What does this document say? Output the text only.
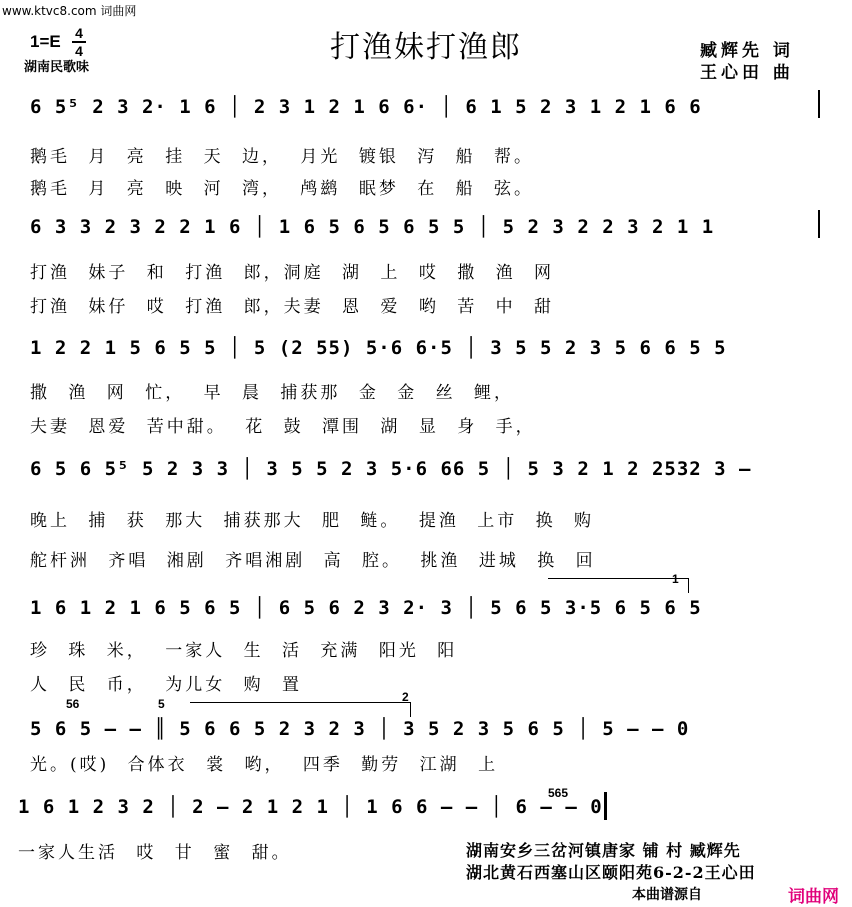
www.ktvc8.com 词曲网
1=E 4
4
湖南民歌味
打渔妹打渔郎	臧辉先 词
王心田 曲
6 5⁵ 2 3 2· 1 6 │ 2 3 1 2 1 6 6· │ 6 1 5 2 3 1 2 1 6 6
鹅毛 月 亮 挂 天 边， 月光 镀银 泻 船 帮。
鹅毛 月 亮 映 河 湾， 鸬鹚 眠梦 在 船 弦。
6 3 3 2 3 2 2 1 6 │ 1 6 5 6 5 6 5 5 │ 5 2 3 2 2 3 2 1 1
打渔 妹子 和 打渔 郎，洞庭 湖 上 哎 撒 渔 网
打渔 妹仔 哎 打渔 郎，夫妻 恩 爱 哟 苦 中 甜
1 2 2 1 5 6 5 5 │ 5 (2 55) 5·6 6·5 │ 3 5 5 2 3 5 6 6 5 5
撒 渔 网 忙， 早 晨 捕获那 金 金 丝 鲤，
夫妻 恩爱 苦中甜。 花 鼓 潭围 湖 显 身 手，
6 5 6 5⁵ 5 2 3 3 │ 3 5 5 2 3 5·6 66 5 │ 5 3 2 1 2 2532 3 –
晚上 捕 获 那大 捕获那大 肥 鲢。 提渔 上市 换 购
舵杆洲 齐唱 湘剧 齐唱湘剧 高 腔。 挑渔 进城 换 回
1
1 6 1 2 1 6 5 6 5 │ 6 5 6 2 3 2· 3 │ 5 6 5 3·5 6 5 6 5
珍 珠 米， 一家人 生 活 充满 阳光 阳
人 民 币， 为儿女 购 置
56	5	2
5 6 5 – – ║ 5 6 6 5 2 3 2 3 │ 3 5 2 3 5 6 5 │ 5 – – 0
光。(哎) 合体衣 裳 哟， 四季 勤劳 江湖 上
565
1 6 1 2 3 2 │ 2 – 2 1 2 1 │ 1 6 6 – – │ 6 – – 0
一家人生活 哎 甘 蜜 甜。	湖南安乡三岔河镇唐家 铺 村 臧辉先
湖北黄石西塞山区颐阳苑6-2-2王心田
本曲谱源自	词曲网
